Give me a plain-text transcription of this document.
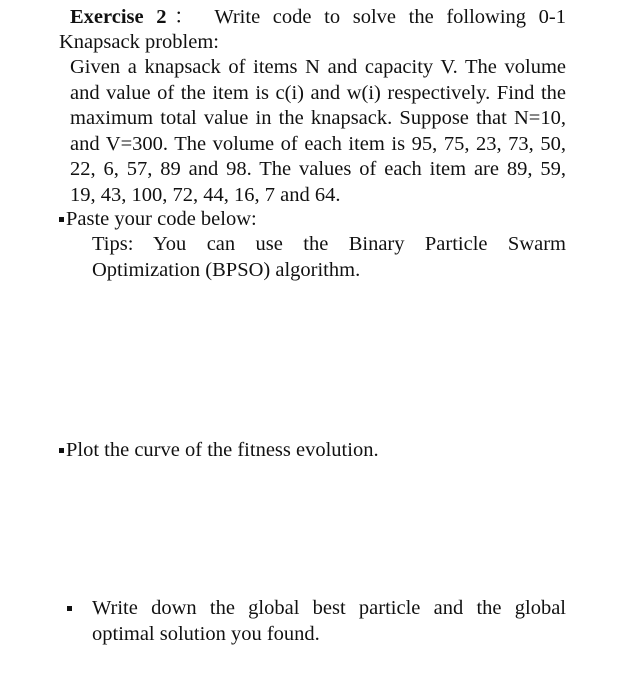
Exercise 2： Write code to solve the following 0-1
Knapsack problem:
Given a knapsack of items N and capacity V. The volume
and value of the item is c(i) and w(i) respectively. Find the
maximum total value in the knapsack. Suppose that N=10,
and V=300. The volume of each item is 95, 75, 23, 73, 50,
22, 6, 57, 89 and 98. The values of each item are 89, 59,
19, 43, 100, 72, 44, 16, 7 and 64.
Paste your code below:
Tips: You can use the Binary Particle Swarm
Optimization (BPSO) algorithm.
Plot the curve of the fitness evolution.
Write down the global best particle and the global
optimal solution you found.
